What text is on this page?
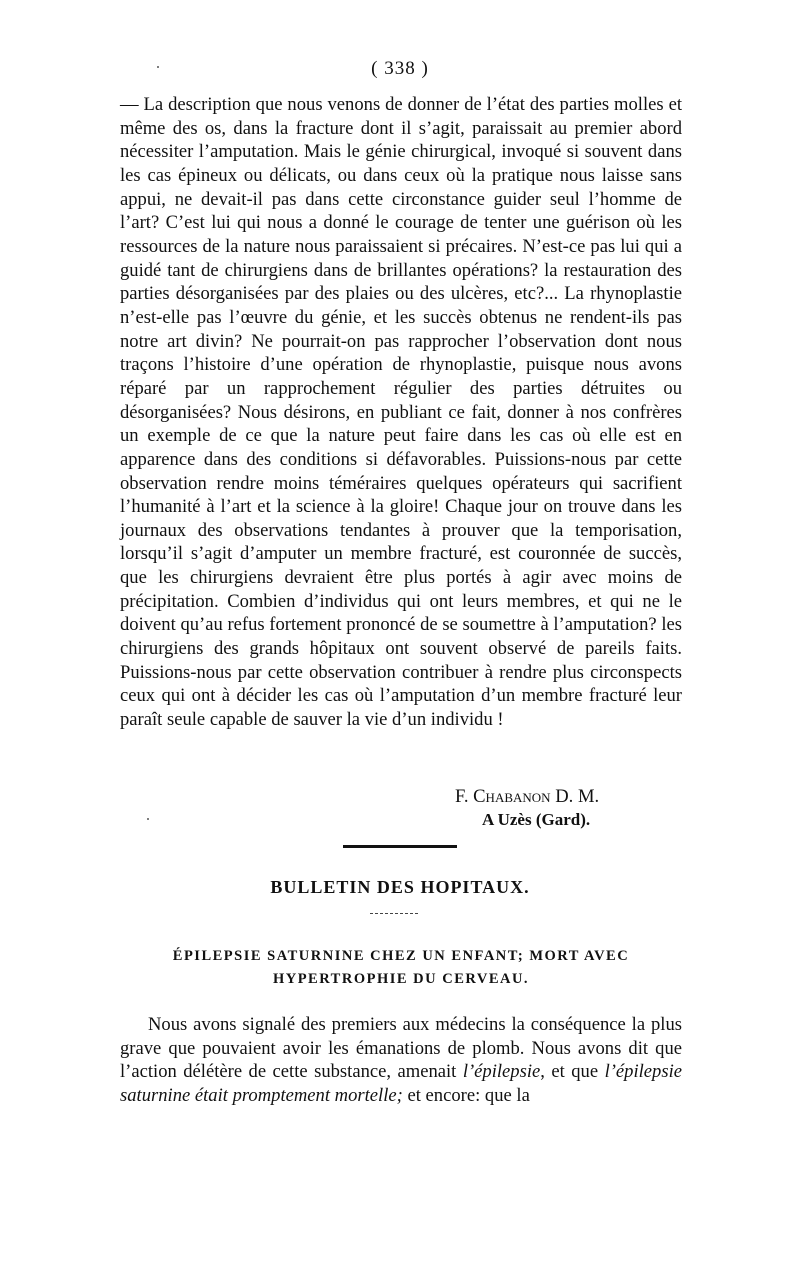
( 338 )

— La description que nous venons de donner de l’état des parties molles et même des os, dans la fracture dont il s’agit, paraissait au premier abord nécessiter l’amputation. Mais le génie chirurgical, invoqué si souvent dans les cas épineux ou délicats, ou dans ceux où la pratique nous laisse sans appui, ne devait-il pas dans cette circonstance guider seul l’homme de l’art? C’est lui qui nous a donné le courage de tenter une guérison où les ressources de la nature nous paraissaient si précaires. N’est-ce pas lui qui a guidé tant de chirurgiens dans de brillantes opérations? la restauration des parties désorganisées par des plaies ou des ulcères, etc?... La rhynoplastie n’est-elle pas l’œuvre du génie, et les succès obtenus ne rendent-ils pas notre art divin? Ne pourrait-on pas rapprocher l’observation dont nous traçons l’histoire d’une opération de rhynoplastie, puisque nous avons réparé par un rapprochement régulier des parties détruites ou désorganisées? Nous désirons, en publiant ce fait, donner à nos confrères un exemple de ce que la nature peut faire dans les cas où elle est en apparence dans des conditions si défavorables. Puissions-nous par cette observation rendre moins téméraires quelques opérateurs qui sacrifient l’humanité à l’art et la science à la gloire! Chaque jour on trouve dans les journaux des observations tendantes à prouver que la temporisation, lorsqu’il s’agit d’amputer un membre fracturé, est couronnée de succès, que les chirurgiens devraient être plus portés à agir avec moins de précipitation. Combien d’individus qui ont leurs membres, et qui ne le doivent qu’au refus fortement prononcé de se soumettre à l’amputation? les chirurgiens des grands hôpitaux ont souvent observé de pareils faits. Puissions-nous par cette observation contribuer à rendre plus circonspects ceux qui ont à décider les cas où l’amputation d’un membre fracturé leur paraît seule capable de sauver la vie d’un individu !

F. Chabanon D. M.
A Uzès (Gard).
BULLETIN DES HOPITAUX.
ÉPILEPSIE SATURNINE CHEZ UN ENFANT; MORT AVEC HYPERTROPHIE DU CERVEAU.

Nous avons signalé des premiers aux médecins la conséquence la plus grave que pouvaient avoir les émanations de plomb. Nous avons dit que l’action délétère de cette substance, amenait l’épilepsie, et que l’épilepsie saturnine était promptement mortelle; et encore: que la
